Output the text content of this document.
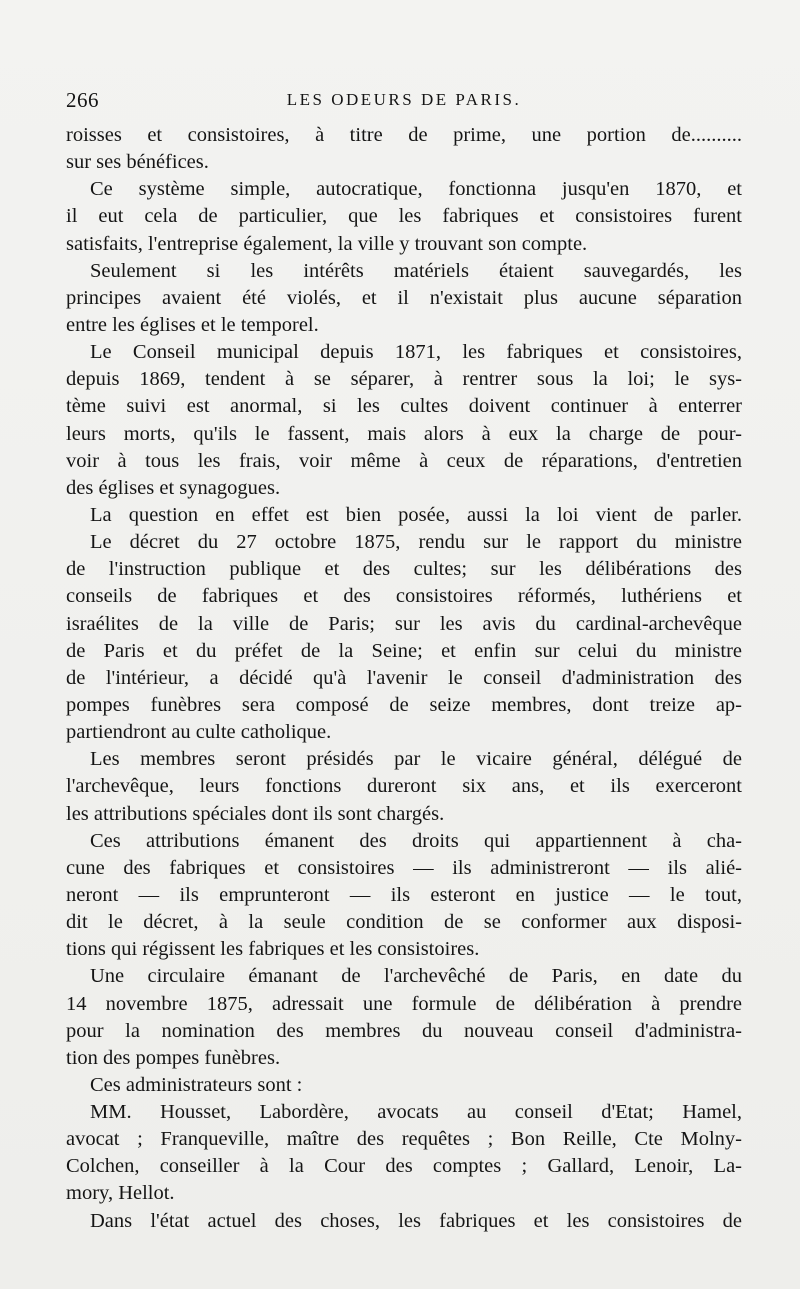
266	LES ODEURS DE PARIS.
roisses et consistoires, à titre de prime, une portion de..........
sur ses bénéfices.
Ce système simple, autocratique, fonctionna jusqu'en 1870, et
il eut cela de particulier, que les fabriques et consistoires furent
satisfaits, l'entreprise également, la ville y trouvant son compte.
Seulement si les intérêts matériels étaient sauvegardés, les
principes avaient été violés, et il n'existait plus aucune séparation
entre les églises et le temporel.
Le Conseil municipal depuis 1871, les fabriques et consistoires,
depuis 1869, tendent à se séparer, à rentrer sous la loi; le sys-
tème suivi est anormal, si les cultes doivent continuer à enterrer
leurs morts, qu'ils le fassent, mais alors à eux la charge de pour-
voir à tous les frais, voir même à ceux de réparations, d'entretien
des églises et synagogues.
La question en effet est bien posée, aussi la loi vient de parler.
Le décret du 27 octobre 1875, rendu sur le rapport du ministre
de l'instruction publique et des cultes; sur les délibérations des
conseils de fabriques et des consistoires réformés, luthériens et
israélites de la ville de Paris; sur les avis du cardinal-archevêque
de Paris et du préfet de la Seine; et enfin sur celui du ministre
de l'intérieur, a décidé qu'à l'avenir le conseil d'administration des
pompes funèbres sera composé de seize membres, dont treize ap-
partiendront au culte catholique.
Les membres seront présidés par le vicaire général, délégué de
l'archevêque, leurs fonctions dureront six ans, et ils exerceront
les attributions spéciales dont ils sont chargés.
Ces attributions émanent des droits qui appartiennent à cha-
cune des fabriques et consistoires — ils administreront — ils alié-
neront — ils emprunteront — ils esteront en justice — le tout,
dit le décret, à la seule condition de se conformer aux disposi-
tions qui régissent les fabriques et les consistoires.
Une circulaire émanant de l'archevêché de Paris, en date du
14 novembre 1875, adressait une formule de délibération à prendre
pour la nomination des membres du nouveau conseil d'administra-
tion des pompes funèbres.
Ces administrateurs sont :
MM. Housset, Labordère, avocats au conseil d'Etat; Hamel,
avocat ; Franqueville, maître des requêtes ; Bon Reille, Cte Molny-
Colchen, conseiller à la Cour des comptes ; Gallard, Lenoir, La-
mory, Hellot.
Dans l'état actuel des choses, les fabriques et les consistoires de
